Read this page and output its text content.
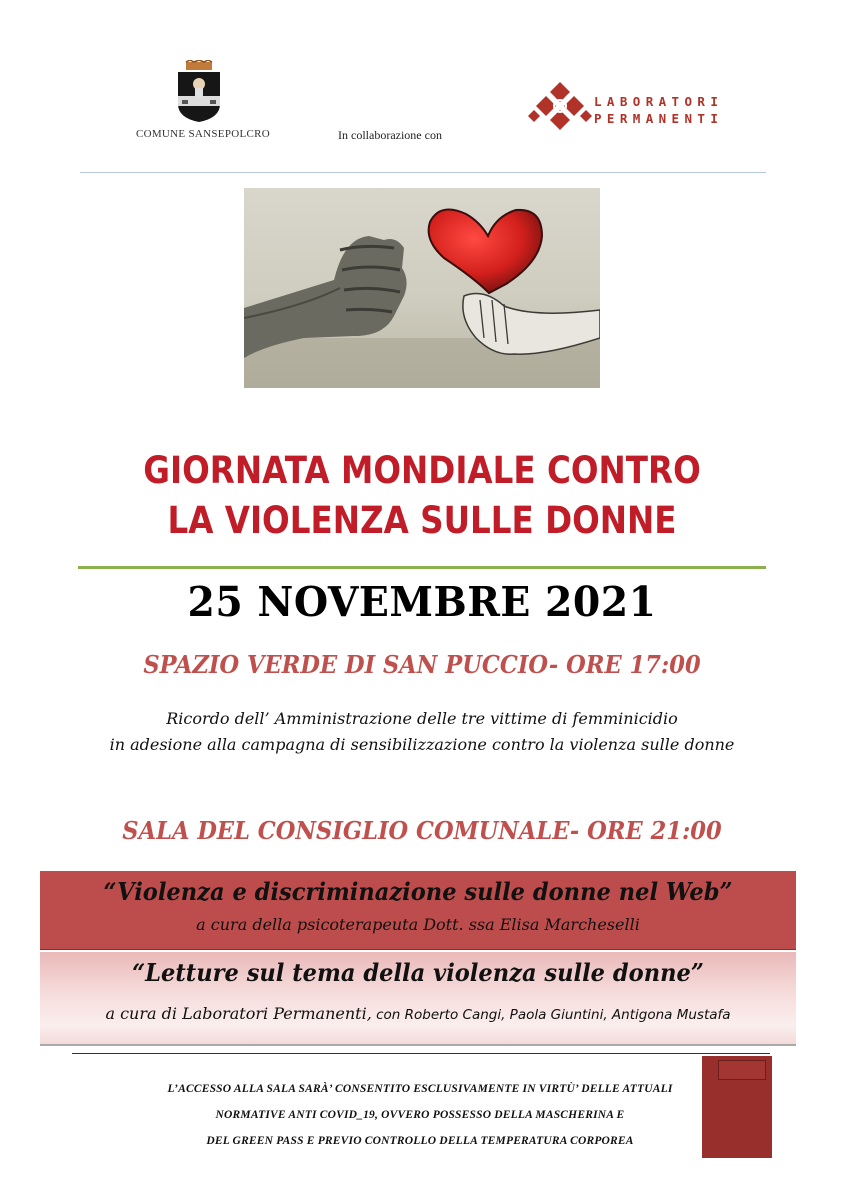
COMUNE SANSEPOLCRO	In collaborazione con
LABORATORI
PERMANENTI
GIORNATA MONDIALE CONTRO
LA VIOLENZA SULLE DONNE
25 NOVEMBRE 2021
SPAZIO VERDE DI SAN PUCCIO- ORE 17:00
Ricordo dell’ Amministrazione delle tre vittime di femminicidio
in adesione alla campagna di sensibilizzazione contro la violenza sulle donne
SALA DEL CONSIGLIO COMUNALE- ORE 21:00
“Violenza e discriminazione sulle donne nel Web”
a cura della psicoterapeuta Dott. ssa Elisa Marcheselli
“Letture sul tema della violenza sulle donne”
a cura di Laboratori Permanenti, con Roberto Cangi, Paola Giuntini, Antigona Mustafa
L’ACCESSO ALLA SALA SARÀ’ CONSENTITO ESCLUSIVAMENTE IN VIRTÙ’ DELLE ATTUALI
NORMATIVE ANTI COVID_19, OVVERO POSSESSO DELLA MASCHERINA E
DEL GREEN PASS E PREVIO CONTROLLO DELLA TEMPERATURA CORPOREA
